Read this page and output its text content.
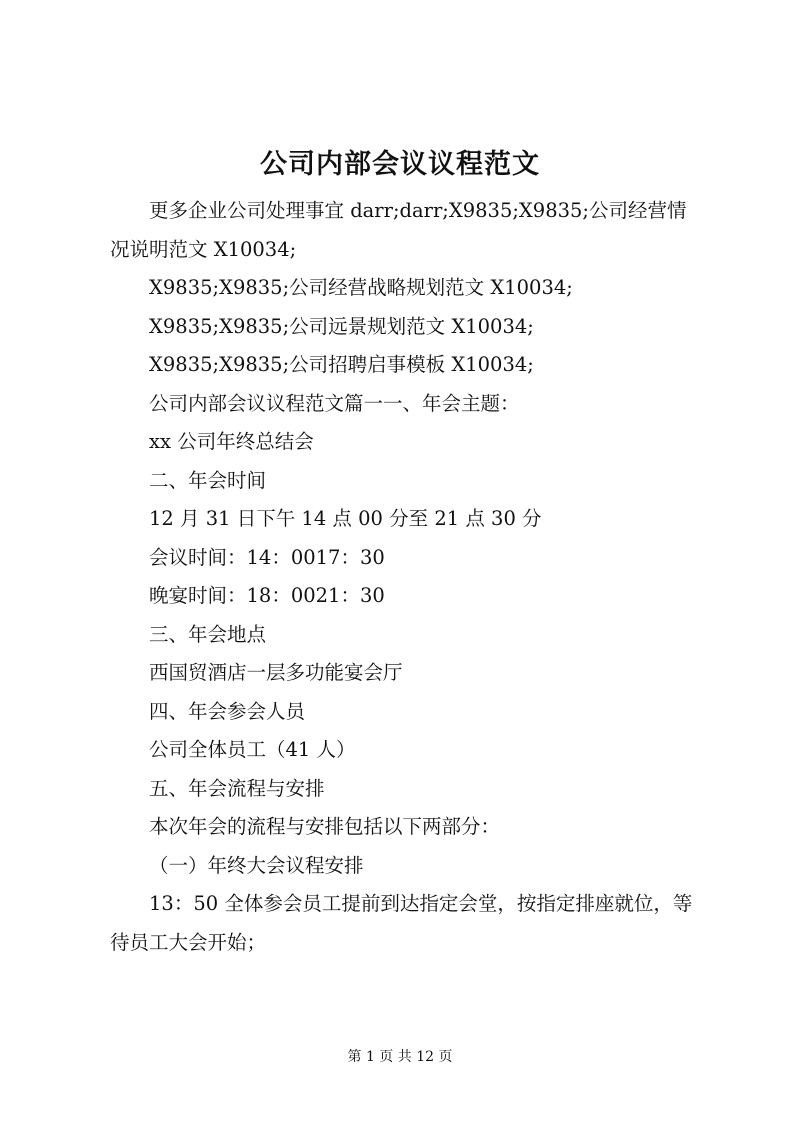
公司内部会议议程范文

更多企业公司处理事宜 darr;darr;X9835;X9835;公司经营情况说明范文 X10034;

X9835;X9835;公司经营战略规划范文 X10034;

X9835;X9835;公司远景规划范文 X10034;

X9835;X9835;公司招聘启事模板 X10034;

公司内部会议议程范文篇一一、年会主题：

xx 公司年终总结会

二、年会时间

12 月 31 日下午 14 点 00 分至 21 点 30 分

会议时间：14：0017：30

晚宴时间：18：0021：30

三、年会地点

西国贸酒店一层多功能宴会厅

四、年会参会人员

公司全体员工（41 人）

五、年会流程与安排

本次年会的流程与安排包括以下两部分：

（一）年终大会议程安排

13：50 全体参会员工提前到达指定会堂，按指定排座就位，等待员工大会开始；

第 1 页 共 12 页
